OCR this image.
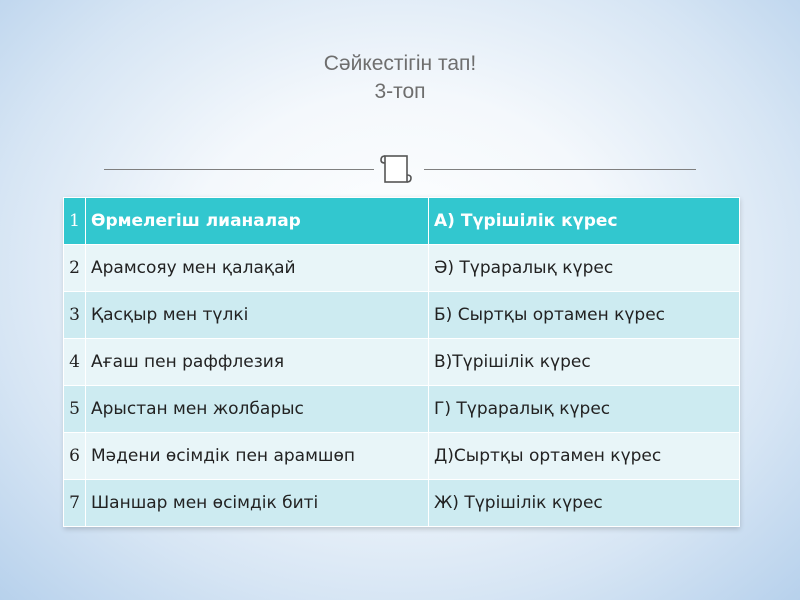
Сәйкестігін тап!
3-топ
1	Өрмелегіш лианалар	А) Түрішілік күрес
2	Арамсояу мен қалақай	Ә) Түраралық күрес
3	Қасқыр мен түлкі	Б) Сыртқы ортамен күрес
4	Ағаш пен раффлезия	В)Түрішілік күрес
5	Арыстан мен жолбарыс	Г) Түраралық күрес
6	Мәдени өсімдік пен арамшөп	Д)Сыртқы ортамен күрес
7	Шаншар мен өсімдік биті	Ж) Түрішілік күрес
